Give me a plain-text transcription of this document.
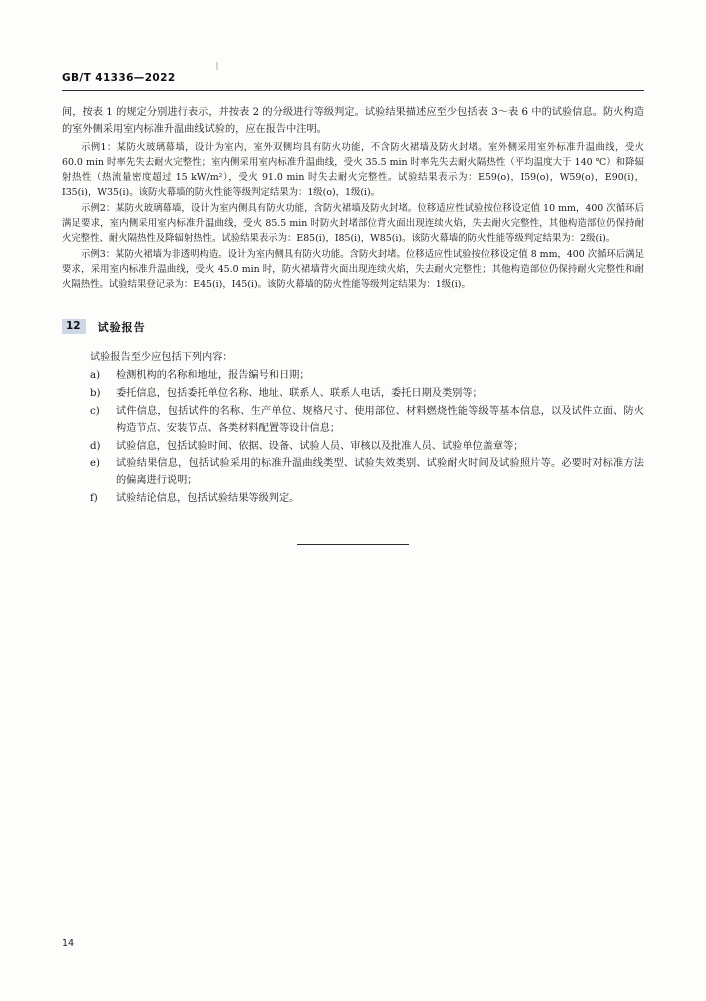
GB/T 41336—2022

间，按表 1 的规定分别进行表示，并按表 2 的分级进行等级判定。试验结果描述应至少包括表 3～表 6 中的试验信息。防火构造的室外侧采用室内标准升温曲线试验的，应在报告中注明。

示例1：某防火玻璃幕墙，设计为室内，室外双侧均具有防火功能，不含防火裙墙及防火封堵。室外侧采用室外标准升温曲线，受火 60.0 min 时率先失去耐火完整性；室内侧采用室内标准升温曲线，受火 35.5 min 时率先失去耐火隔热性（平均温度大于 140 ℃）和降辐射热性（热流量密度超过 15 kW/m²），受火 91.0 min 时失去耐火完整性。试验结果表示为：E59(o)，I59(o)，W59(o)，E90(i)，I35(i)，W35(i)。该防火幕墙的防火性能等级判定结果为：1级(o)，1级(i)。

示例2：某防火玻璃幕墙，设计为室内侧具有防火功能，含防火裙墙及防火封堵。位移适应性试验按位移设定值 10 mm，400 次循环后满足要求，室内侧采用室内标准升温曲线，受火 85.5 min 时防火封堵部位背火面出现连续火焰，失去耐火完整性，其他构造部位仍保持耐火完整性、耐火隔热性及降辐射热性。试验结果表示为：E85(i)，I85(i)，W85(i)。该防火幕墙的防火性能等级判定结果为：2级(i)。

示例3：某防火裙墙为非透明构造。设计为室内侧具有防火功能。含防火封堵。位移适应性试验按位移设定值 8 mm，400 次循环后满足要求，采用室内标准升温曲线，受火 45.0 min 时，防火裙墙背火面出现连续火焰，失去耐火完整性；其他构造部位仍保持耐火完整性和耐火隔热性。试验结果登记录为：E45(i)，I45(i)。该防火幕墙的防火性能等级判定结果为：1级(i)。

12	试验报告

试验报告至少应包括下列内容：

a)	检测机构的名称和地址，报告编号和日期；
b)	委托信息，包括委托单位名称、地址、联系人、联系人电话，委托日期及类别等；
c)	试件信息，包括试件的名称、生产单位、规格尺寸、使用部位、材料燃烧性能等级等基本信息，以及试件立面、防火构造节点、安装节点、各类材料配置等设计信息；
d)	试验信息，包括试验时间、依据、设备、试验人员、审核以及批准人员、试验单位盖章等；
e)	试验结果信息，包括试验采用的标准升温曲线类型、试验失效类别、试验耐火时间及试验照片等。必要时对标准方法的偏离进行说明；
f)	试验结论信息，包括试验结果等级判定。
14
